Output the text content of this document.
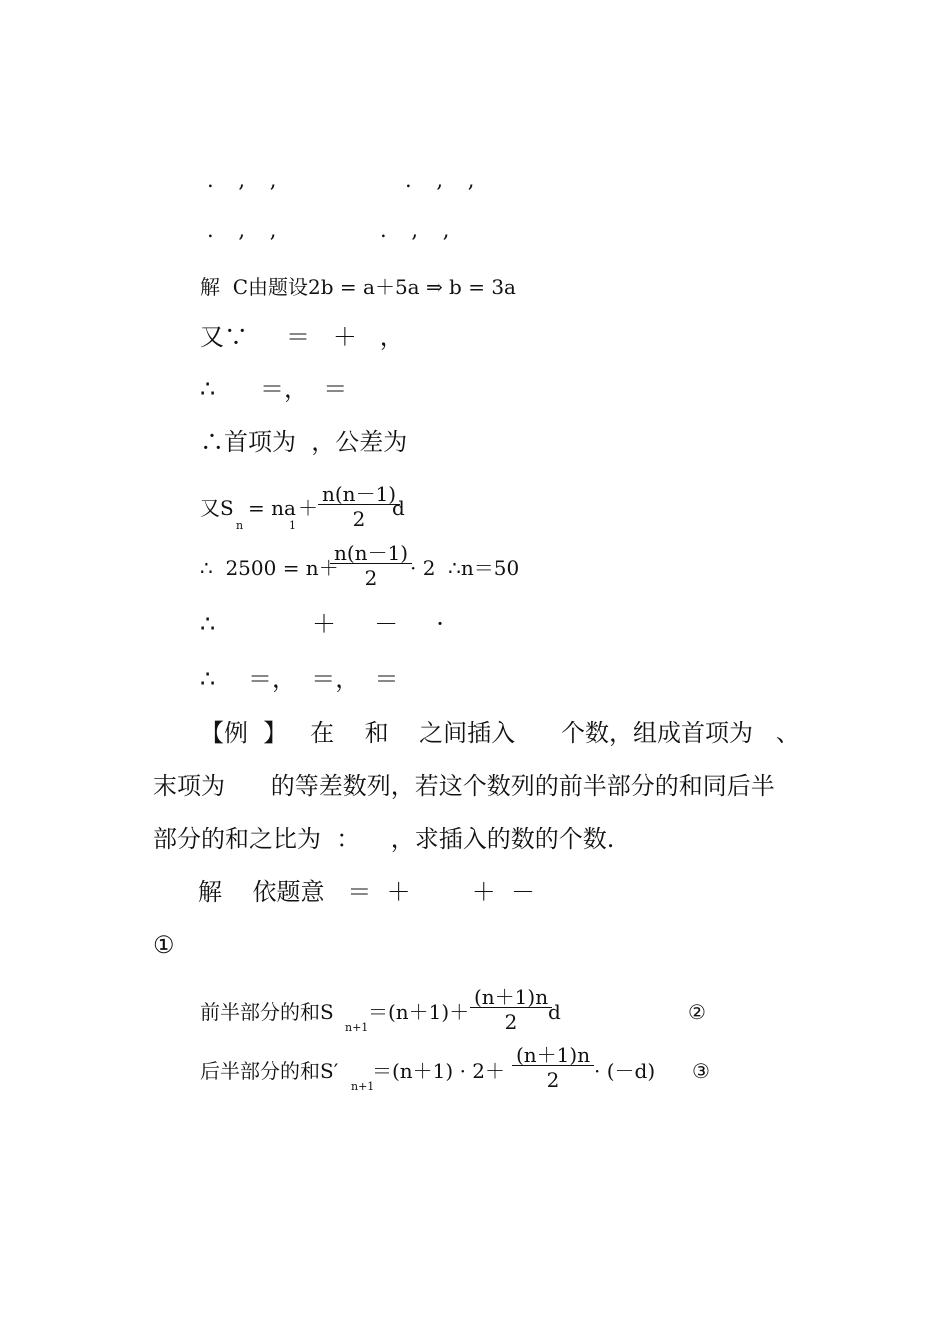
. , ,	. , ,
. , ,	. , ,
解  C由题设2b = a＋5a ⇒ b = 3a
又∵ ＝   ＋   ，
∴ ＝，  ＝
∴首项为  ，公差为
又S
n
= na
1
＋ $\frac{n(n-1)}{2}$
d
∴  2500 = n＋
$\frac{n(n-1)}{2}$
· 2  ∴n＝50
∴	＋     －     ·
∴ ＝，  ＝，  ＝
【例  】   在    和    之间插入      个数，组成首项为   、
末项为      的等差数列，若这个数列的前半部分的和同后半
部分的和之比为  ：    ，求插入的数的个数.
解    依题意   ＝  ＋        ＋  －
①
前半部分的和S
n+1
$=(n+1)+ \frac{(n+1)n}{2}$
d	②
后半部分的和S′
n+1
$=(n+1) \cdot 2+ \frac{(n+1)n}{2} \cdot (-d)$ ③
